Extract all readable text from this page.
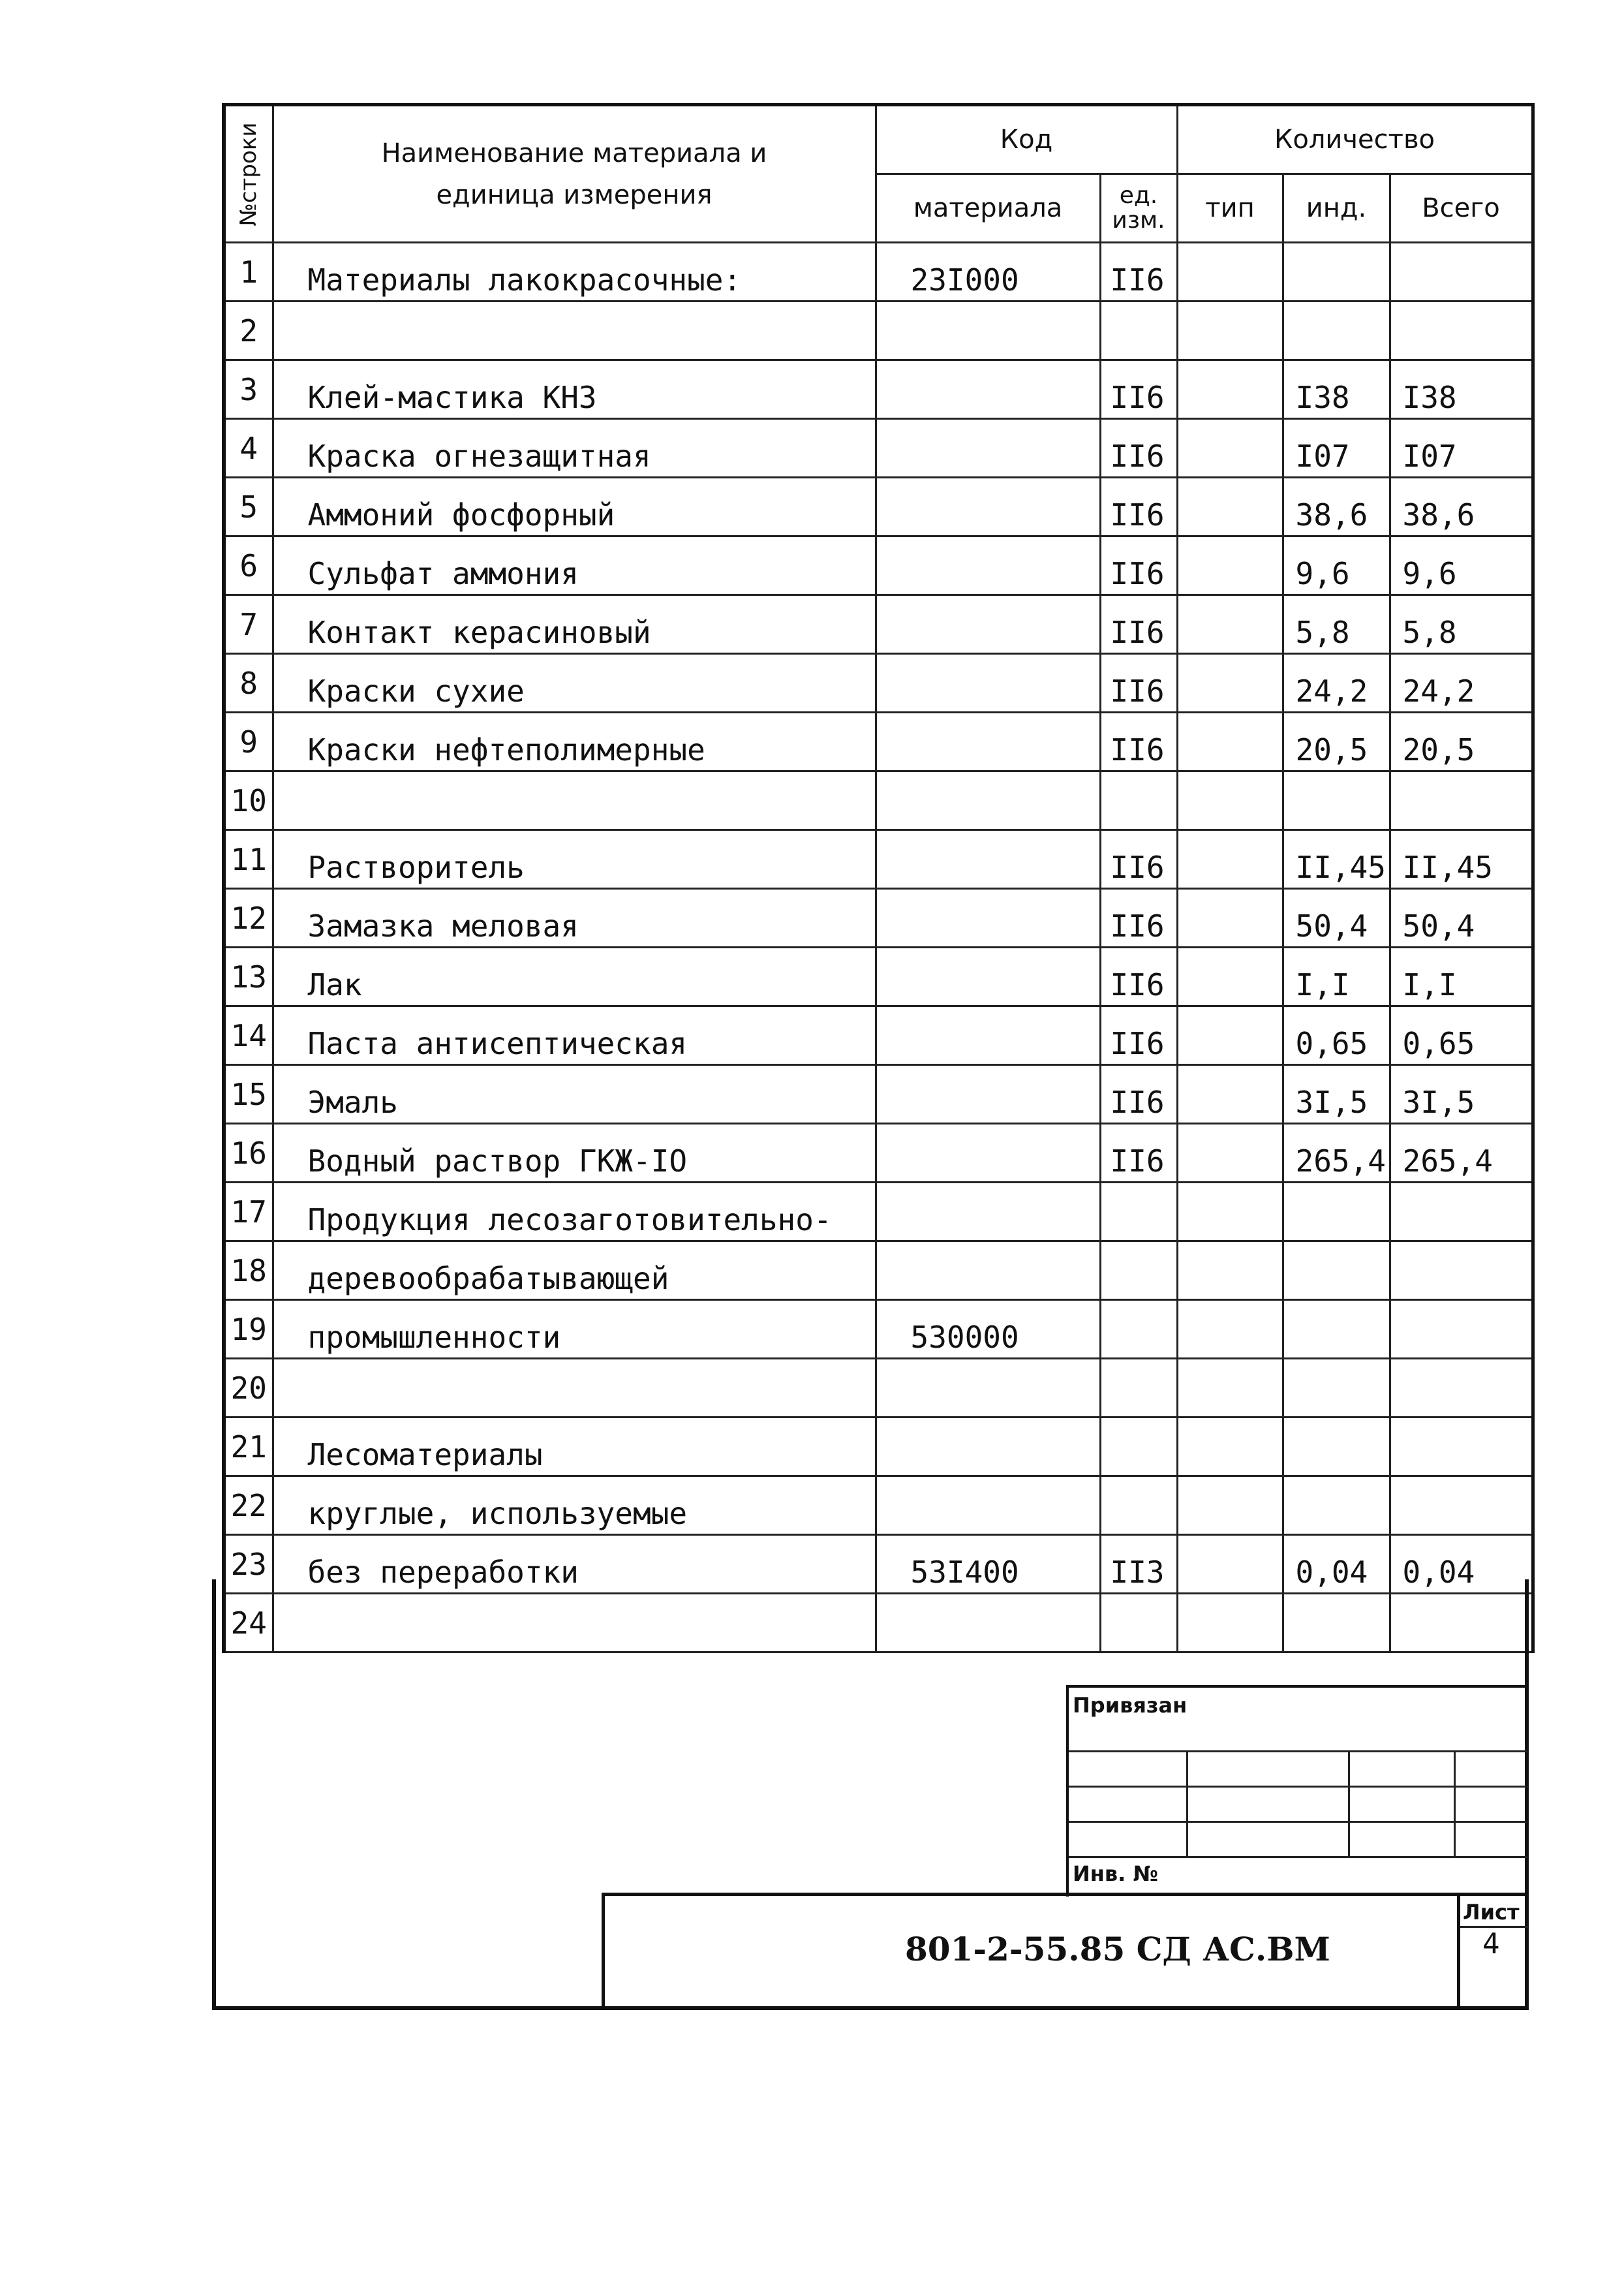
№строки	Наименование материала и единица измерения	Код		Количество		
		материала	ед. изм.	тип	инд.	Всего
1	Материалы лакокрасочные:	23I000	II6			
2						
3	Клей-мастика КНЗ		II6		I38	I38
4	Краска огнезащитная		II6		I07	I07
5	Аммоний фосфорный		II6		38,6	38,6
6	Сульфат аммония		II6		9,6	9,6
7	Контакт керасиновый		II6		5,8	5,8
8	Краски сухие		II6		24,2	24,2
9	Краски нефтеполимерные		II6		20,5	20,5
10						
11	Растворитель		II6		II,45	II,45
12	Замазка меловая		II6		50,4	50,4
13	Лак		II6		I,I	I,I
14	Паста антисептическая		II6		0,65	0,65
15	Эмаль		II6		3I,5	3I,5
16	Водный раствор ГКЖ-IO		II6		265,4	265,4
17	Продукция лесозаготовительно-					
18	деревообрабатывающей					
19	промышленности	530000				
20						
21	Лесоматериалы					
22	круглые, используемые					
23	без переработки	53I400	II3		0,04	0,04
24						
Привязан
Инв. №
801-2-55.85 СД АС.ВМ
Лист
4
